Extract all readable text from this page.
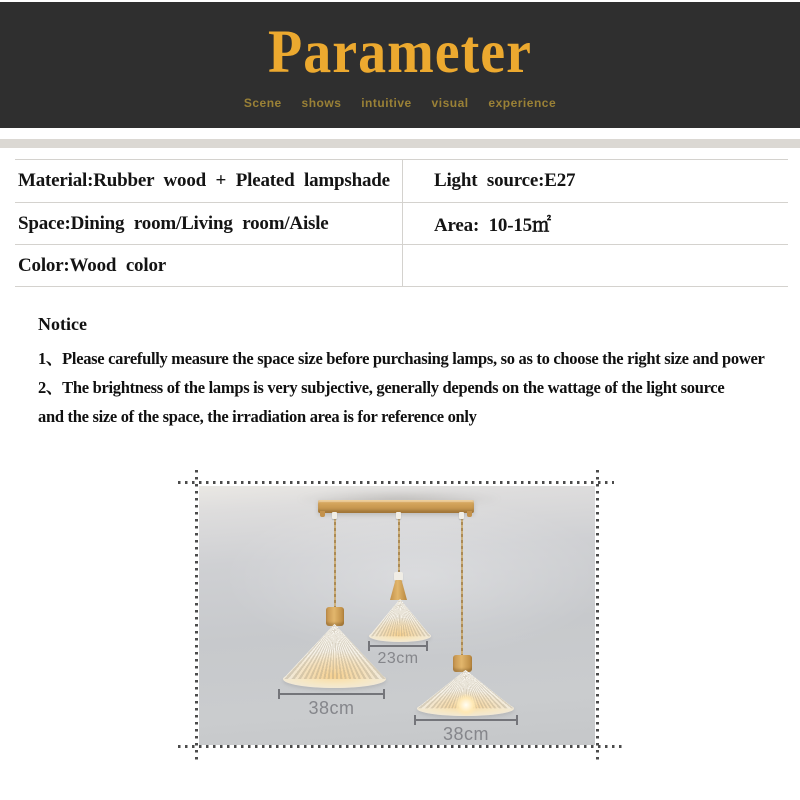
Parameter
Scene shows intuitive visual experience
Material:Rubber wood + Pleated lampshade	Light source:E27
Space:Dining room/Living room/Aisle	Area: 10-15㎡
Color:Wood color
Notice
1、Please carefully measure the space size before purchasing lamps, so as to choose the right size and power
2、The brightness of the lamps is very subjective, generally depends on the wattage of the light source
and the size of the space, the irradiation area is for reference only
23cm
38cm
38cm
